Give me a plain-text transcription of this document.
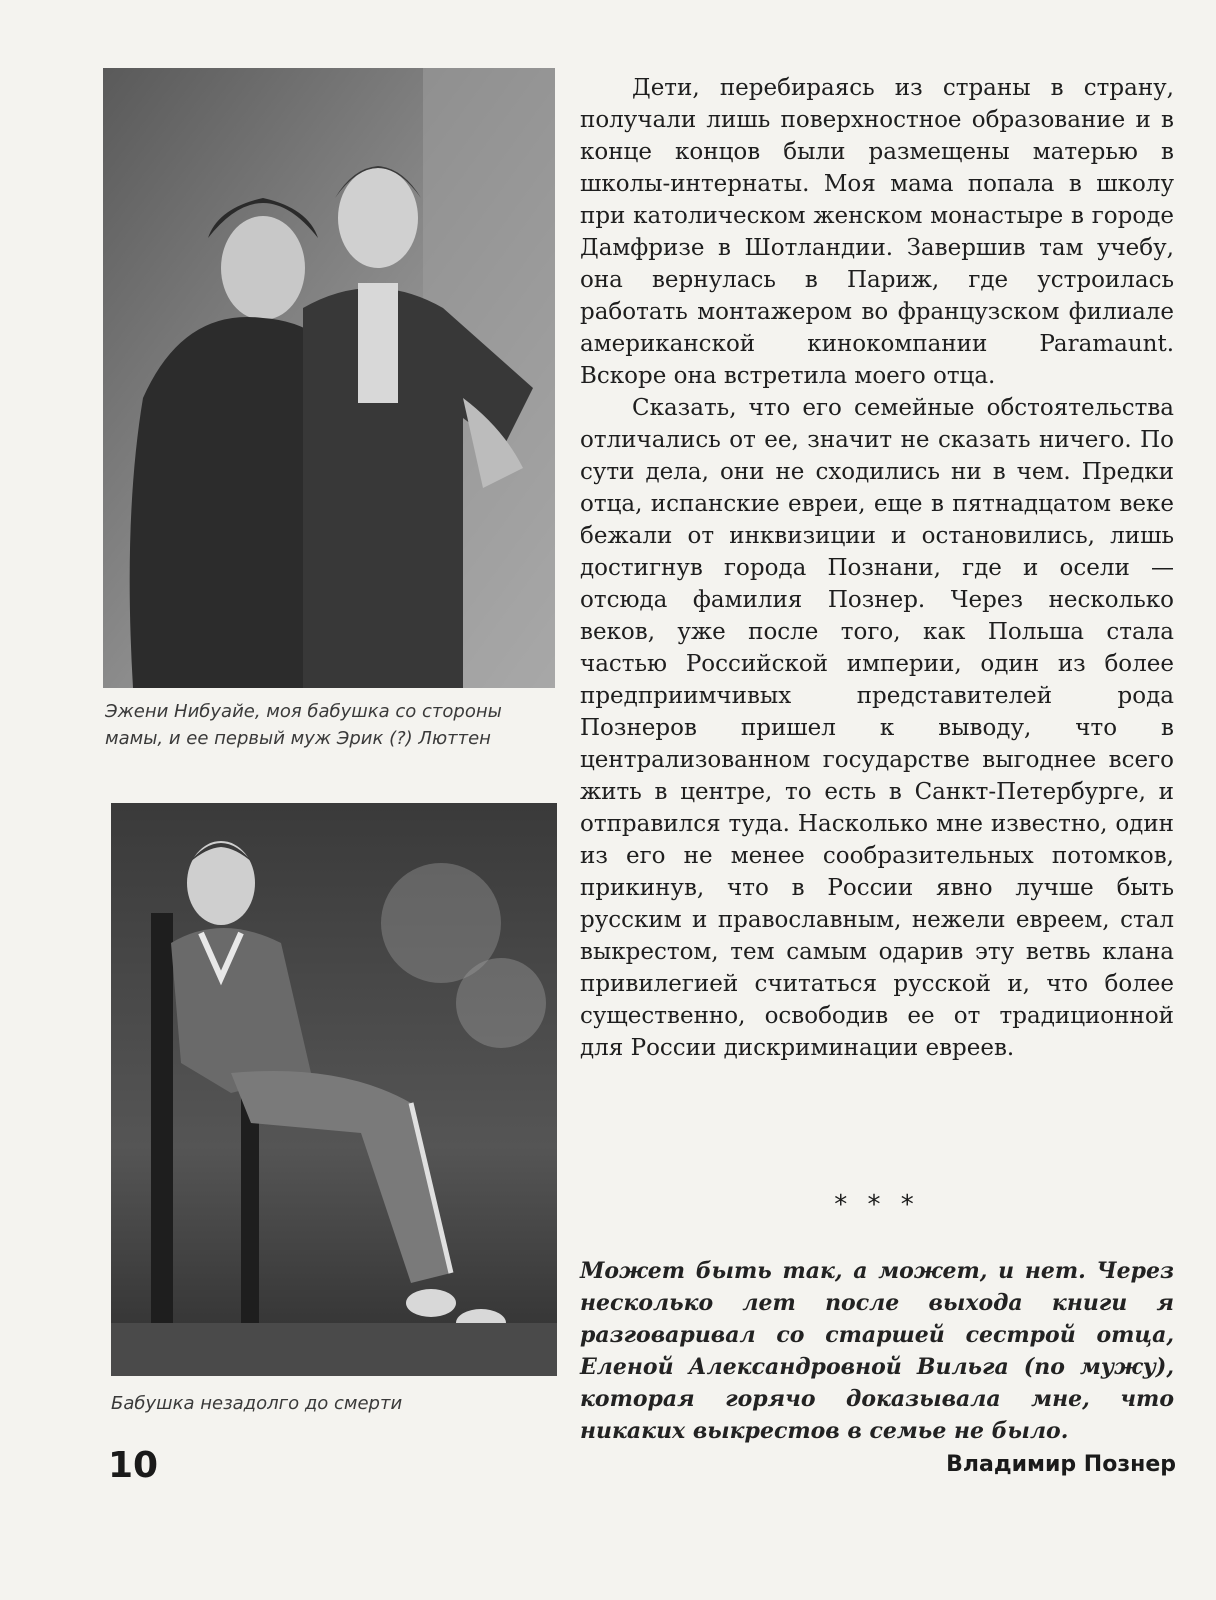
Эжени Нибуайе, моя бабушка со стороны мамы, и ее первый муж Эрик (?) Люттен
Бабушка незадолго до смерти

Дети, перебираясь из страны в страну, получали лишь поверхностное образование и в конце концов были размещены матерью в школы-интернаты. Моя мама попала в школу при католическом женском монастыре в городе Дамфризе в Шотландии. Завершив там учебу, она вернулась в Париж, где устроилась работать монтажером во французском филиале американской кинокомпании Paramaunt. Вскоре она встретила моего отца.

Сказать, что его семейные обстоятельства отличались от ее, значит не сказать ничего. По сути дела, они не сходились ни в чем. Предки отца, испанские евреи, еще в пятнадцатом веке бежали от инквизиции и остановились, лишь достигнув города Познани, где и осели — отсюда фамилия Познер. Через несколько веков, уже после того, как Польша стала частью Российской империи, один из более предприимчивых представителей рода Познеров пришел к выводу, что в централизованном государстве выгоднее всего жить в центре, то есть в Санкт-Петербурге, и отправился туда. Насколько мне известно, один из его не менее сообразительных потомков, прикинув, что в России явно лучше быть русским и православным, нежели евреем, стал выкрестом, тем самым одарив эту ветвь клана привилегией считаться русской и, что более существенно, освободив ее от традиционной для России дискриминации евреев.

* * *
Может быть так, а может, и нет. Через несколько лет после выхода книги я разговаривал со старшей сестрой отца, Еленой Александровной Вильга (по мужу), которая горячо доказывала мне, что никаких выкрестов в семье не было.
10	Владимир Познер
